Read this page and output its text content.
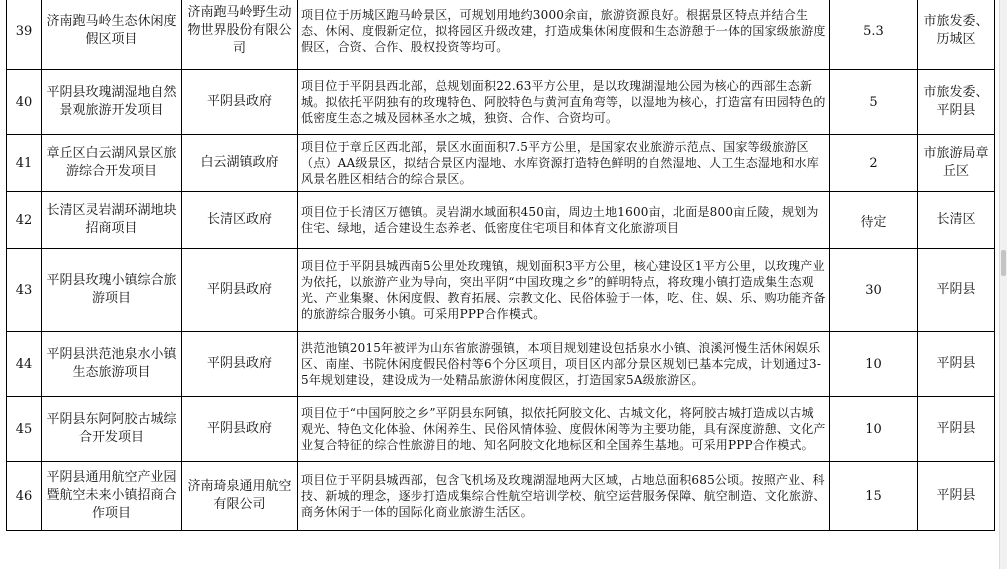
39	济南跑马岭生态休闲度假区项目	济南跑马岭野生动物世界股份有限公司	项目位于历城区跑马岭景区，可规划用地约3000余亩，旅游资源良好。根据景区特点并结合生态、休闲、度假新定位，拟将园区升级改建，打造成集休闲度假和生态游憩于一体的国家级旅游度假区，合资、合作、股权投资等均可。	5.3	市旅发委、历城区
40	平阴县玫瑰湖湿地自然景观旅游开发项目	平阴县政府	项目位于平阴县西北部，总规划面积22.63平方公里，是以玫瑰湖湿地公园为核心的西部生态新城。拟依托平阴独有的玫瑰特色、阿胶特色与黄河直角弯等，以湿地为核心，打造富有田园特色的低密度生态之城及园林圣水之城，独资、合作、合资均可。	5	市旅发委、平阴县
41	章丘区白云湖风景区旅游综合开发项目	白云湖镇政府	项目位于章丘区西北部，景区水面面积7.5平方公里，是国家农业旅游示范点、国家等级旅游区（点）AA级景区，拟结合景区内湿地、水库资源打造特色鲜明的自然湿地、人工生态湿地和水库风景名胜区相结合的综合景区。	2	市旅游局章丘区
42	长清区灵岩湖环湖地块招商项目	长清区政府	项目位于长清区万德镇。灵岩湖水域面积450亩，周边土地1600亩，北面是800亩丘陵，规划为住宅、绿地，适合建设生态养老、低密度住宅项目和体育文化旅游项目	待定	长清区
43	平阴县玫瑰小镇综合旅游项目	平阴县政府	项目位于平阴县城西南5公里处玫瑰镇，规划面积3平方公里，核心建设区1平方公里，以玫瑰产业为依托，以旅游产业为导向，突出平阴“中国玫瑰之乡”的鲜明特点，将玫瑰小镇打造成集生态观光、产业集聚、休闲度假、教育拓展、宗教文化、民俗体验于一体，吃、住、娱、乐、购功能齐备的旅游综合服务小镇。可采用PPP合作模式。	30	平阴县
44	平阴县洪范池泉水小镇生态旅游项目	平阴县政府	洪范池镇2015年被评为山东省旅游强镇，本项目规划建设包括泉水小镇、浪溪河慢生活休闲娱乐区、南崖、书院休闲度假民俗村等6个分区项目，项目区内部分景区规划已基本完成，计划通过3-5年规划建设，建设成为一处精品旅游休闲度假区，打造国家5A级旅游区。	10	平阴县
45	平阴县东阿阿胶古城综合开发项目	平阴县政府	项目位于“中国阿胶之乡”平阴县东阿镇，拟依托阿胶文化、古城文化，将阿胶古城打造成以古城观光、特色文化体验、休闲养生、民俗风情体验、度假休闲等为主要功能，具有深度游憩、文化产业复合特征的综合性旅游目的地、知名阿胶文化地标区和全国养生基地。可采用PPP合作模式。	10	平阴县
46	平阴县通用航空产业园暨航空未来小镇招商合作项目	济南琦泉通用航空有限公司	项目位于平阴县城西部，包含飞机场及玫瑰湖湿地两大区域，占地总面积685公顷。按照产业、科技、新城的理念，逐步打造成集综合性航空培训学校、航空运营服务保障、航空制造、文化旅游、商务休闲于一体的国际化商业旅游生活区。	15	平阴县
